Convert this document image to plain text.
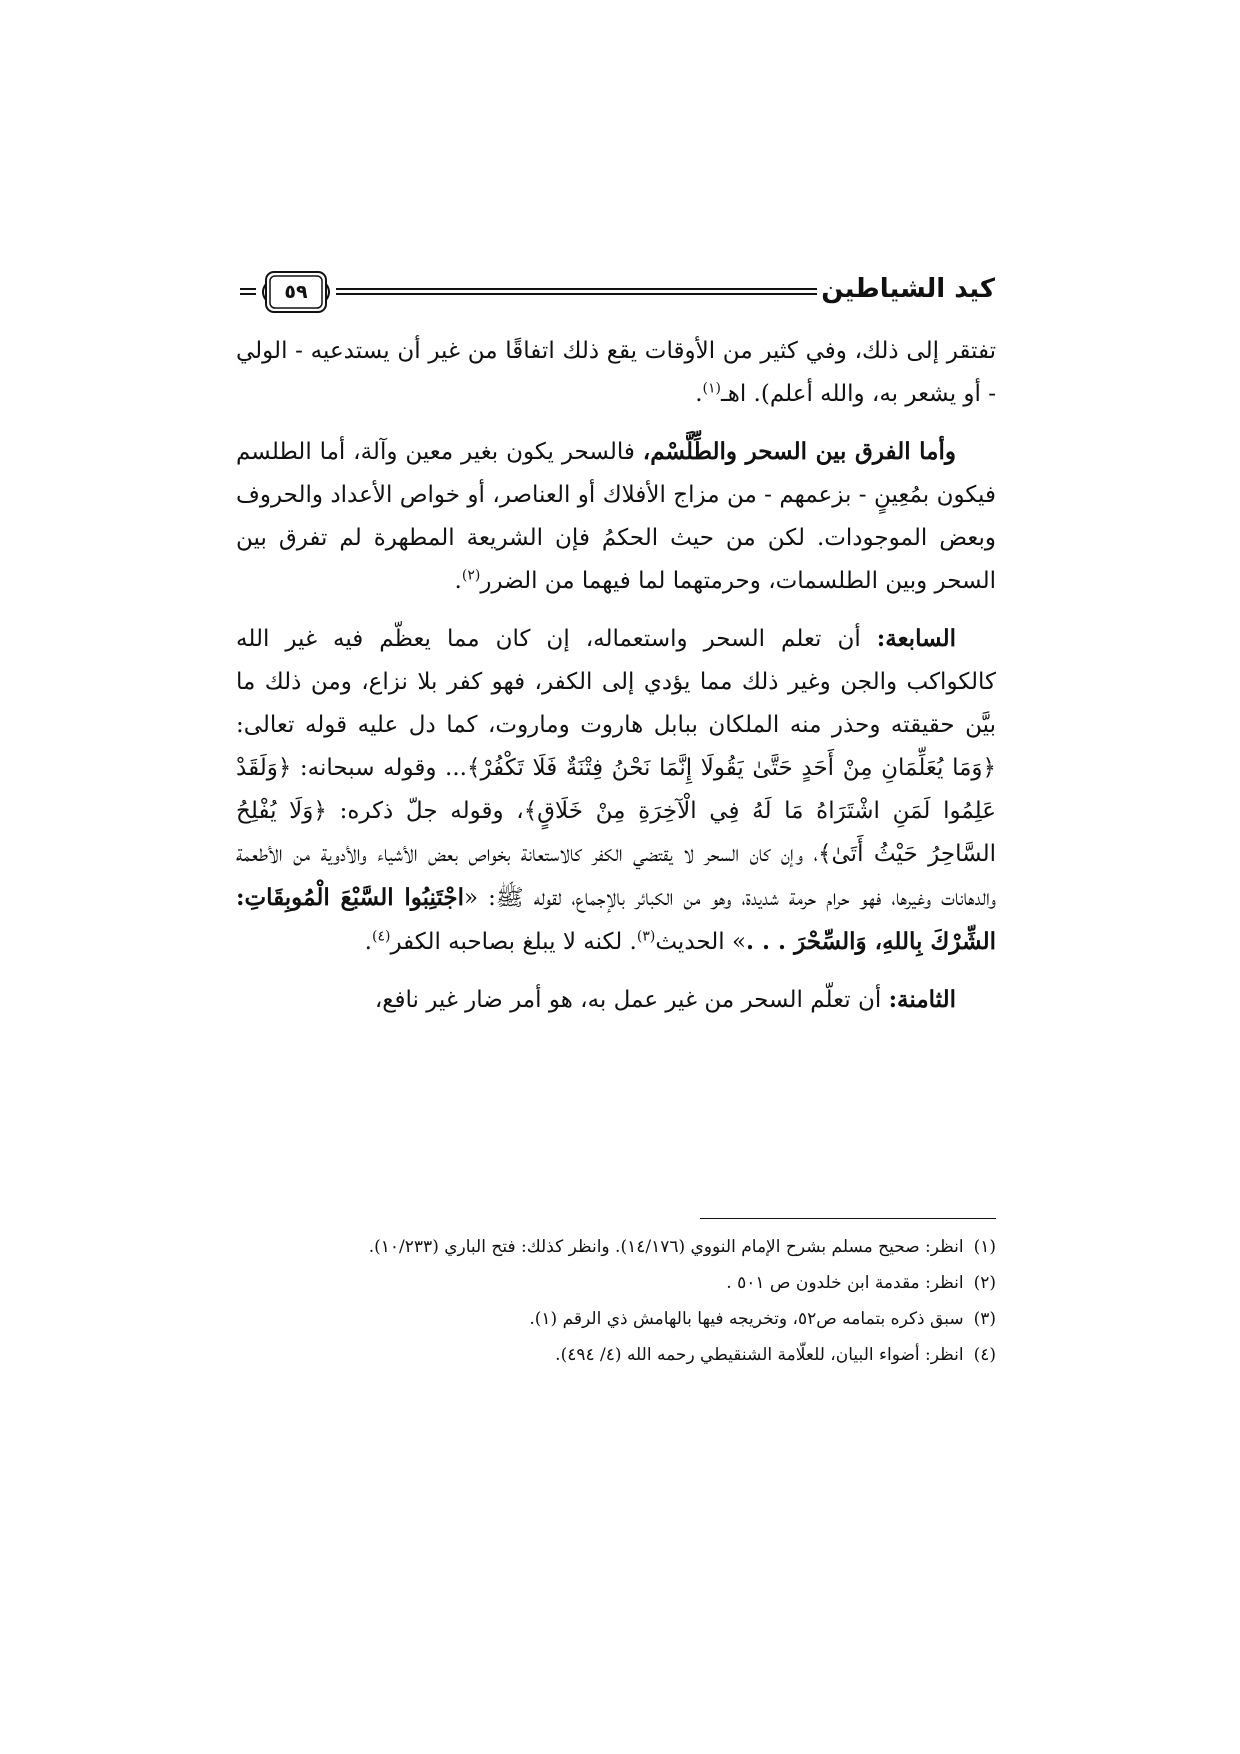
كيد الشياطين
٥٩

تفتقر إلى ذلك، وفي كثير من الأوقات يقع ذلك اتفاقًا من غير أن يستدعيه - الولي - أو يشعر به، والله أعلم). اهـ$^{(١)}$.

وأما الفرق بين السحر والطِّلَّسْم، فالسحر يكون بغير معين وآلة، أما الطلسم فيكون بمُعِينٍ - بزعمهم - من مزاج الأفلاك أو العناصر، أو خواص الأعداد والحروف وبعض الموجودات. لكن من حيث الحكمُ فإن الشريعة المطهرة لم تفرق بين السحر وبين الطلسمات، وحرمتهما لما فيهما من الضرر$^{(٢)}$.

السابعة: أن تعلم السحر واستعماله، إن كان مما يعظّم فيه غير الله كالكواكب والجن وغير ذلك مما يؤدي إلى الكفر، فهو كفر بلا نزاع، ومن ذلك ما بيَّن حقيقته وحذر منه الملكان ببابل هاروت وماروت، كما دل عليه قوله تعالى: ﴿وَمَا يُعَلِّمَانِ مِنْ أَحَدٍ حَتَّىٰ يَقُولَا إِنَّمَا نَحْنُ فِتْنَةٌ فَلَا تَكْفُرْ﴾... وقوله سبحانه: ﴿وَلَقَدْ عَلِمُوا لَمَنِ اشْتَرَاهُ مَا لَهُ فِي الْآخِرَةِ مِنْ خَلَاقٍ﴾، وقوله جلّ ذكره: ﴿وَلَا يُفْلِحُ السَّاحِرُ حَيْثُ أَتَىٰ﴾، وإن كان السحر لا يقتضي الكفر كالاستعانة بخواص بعض الأشياء والأدوية من الأطعمة والدهانات وغيرها، فهو حرام حرمة شديدة، وهو من الكبائر بالإجماع، لقوله ﷺ: «اجْتَنِبُوا السَّبْعَ الْمُوبِقَاتِ: الشِّرْكَ بِاللهِ، وَالسِّحْرَ . . .» الحديث$^{(٣)}$. لكنه لا يبلغ بصاحبه الكفر$^{(٤)}$.

الثامنة: أن تعلّم السحر من غير عمل به، هو أمر ضار غير نافع،

(١)
انظر: صحيح مسلم بشرح الإمام النووي (١٤/١٧٦). وانظر كذلك: فتح الباري (١٠/٢٣٣).
(٢)
انظر: مقدمة ابن خلدون ص ٥٠١ .
(٣)
سبق ذكره بتمامه ص٥٢، وتخريجه فيها بالهامش ذي الرقم (١).
(٤)
انظر: أضواء البيان، للعلّامة الشنقيطي رحمه الله (٤/ ٤٩٤).
